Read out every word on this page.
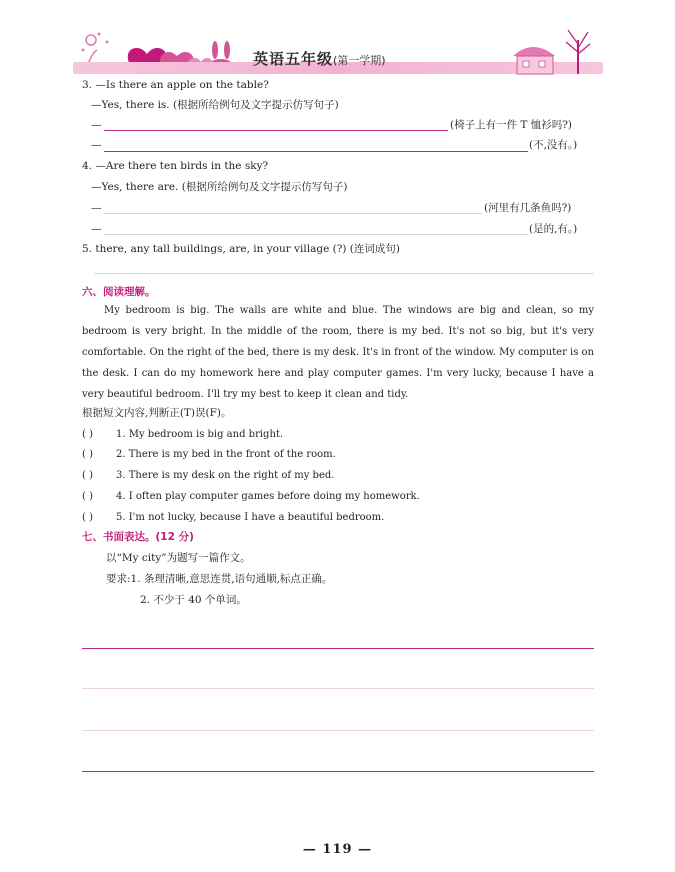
英语五年级(第一学期)
3. —Is there an apple on the table?
—Yes, there is. (根据所给例句及文字提示仿写句子)
—	(椅子上有一件 T 恤衫吗?)
—	(不,没有。)
4. —Are there ten birds in the sky?
—Yes, there are. (根据所给例句及文字提示仿写句子)
—	(河里有几条鱼吗?)
—	(是的,有。)
5. there, any tall buildings, are, in your village (?) (连词成句)
六、阅读理解。
My bedroom is big. The walls are white and blue. The windows are big and clean, so my bedroom is very bright. In the middle of the room, there is my bed. It's not so big, but it's very comfortable. On the right of the bed, there is my desk. It's in front of the window. My computer is on the desk. I can do my homework here and play computer games. I'm very lucky, because I have a very beautiful bedroom. I'll try my best to keep it clean and tidy.
根据短文内容,判断正(T)误(F)。
( ) 1. My bedroom is big and bright.
( ) 2. There is my bed in the front of the room.
( ) 3. There is my desk on the right of my bed.
( ) 4. I often play computer games before doing my homework.
( ) 5. I'm not lucky, because I have a beautiful bedroom.
七、书面表达。(12 分)
以“My city”为题写一篇作文。
要求:1. 条理清晰,意思连贯,语句通顺,标点正确。
2. 不少于 40 个单词。
— 119 —
